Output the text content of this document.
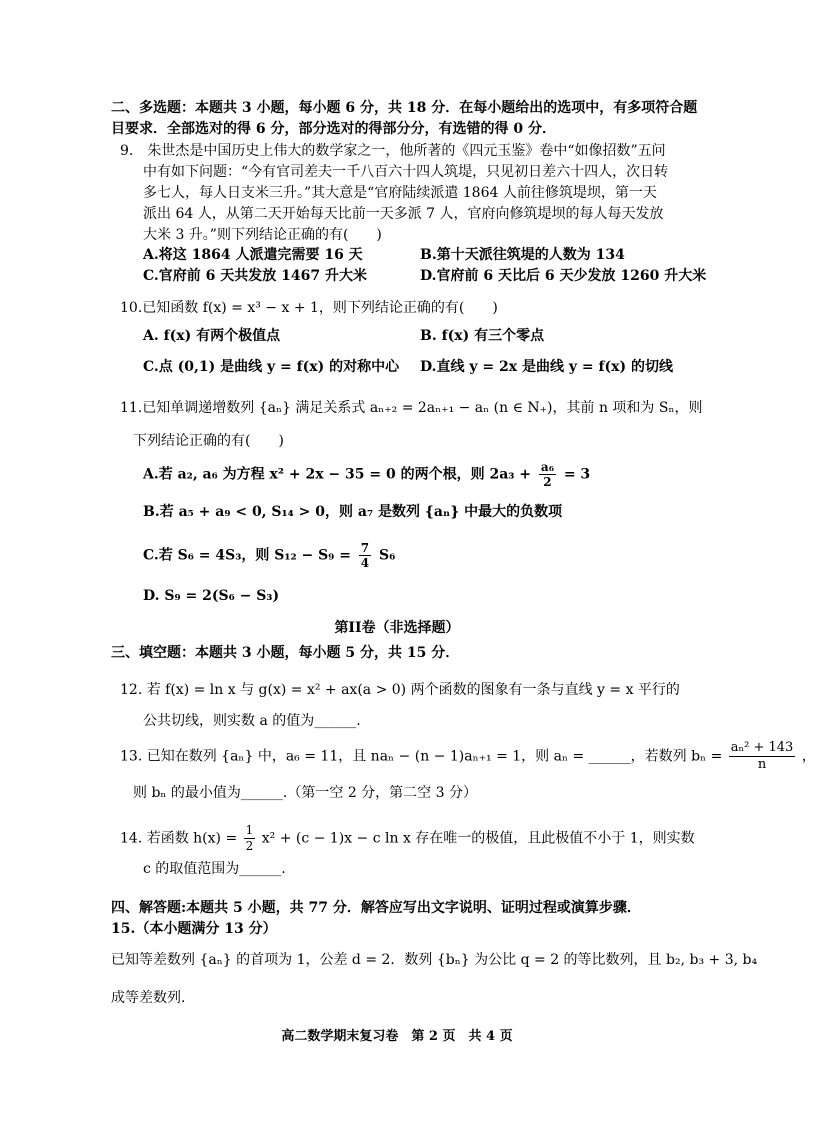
二、多选题：本题共 3 小题，每小题 6 分，共 18 分．在每小题给出的选项中，有多项符合题
目要求．全部选对的得 6 分，部分选对的得部分分，有选错的得 0 分．
9.　朱世杰是中国历史上伟大的数学家之一，他所著的《四元玉鉴》卷中“如像招数”五问
中有如下问题：“今有官司差夫一千八百六十四人筑堤，只见初日差六十四人，次日转
多七人，每人日支米三升。”其大意是“官府陆续派遣 1864 人前往修筑堤坝，第一天
派出 64 人，从第二天开始每天比前一天多派 7 人，官府向修筑堤坝的每人每天发放
大米 3 升。”则下列结论正确的有(　　)
A.将这 1864 人派遣完需要 16 天	B.第十天派往筑堤的人数为 134
C.官府前 6 天共发放 1467 升大米	D.官府前 6 天比后 6 天少发放 1260 升大米
10.已知函数 f(x) = x³ − x + 1，则下列结论正确的有(　　)
A. f(x) 有两个极值点	B. f(x) 有三个零点
C.点 (0,1) 是曲线 y = f(x) 的对称中心 D.直线 y = 2x 是曲线 y = f(x) 的切线
11.已知单调递增数列 {aₙ} 满足关系式 aₙ₊₂ = 2aₙ₊₁ − aₙ (n ∈ N₊)，其前 n 项和为 Sₙ，则
下列结论正确的有(　　)
A.若 a₂, a₆ 为方程 x² + 2x − 35 = 0 的两个根，则 $2a_3 + \frac{\text{a₆}}{2} = 3$
B.若 a₅ + a₉ < 0, S₁₄ > 0，则 a₇ 是数列 {aₙ} 中最大的负数项
C.若 S₆ = 4S₃，则 $S_{12} - S_9 = \frac{7}{4} S_6$
D. S₉ = 2(S₆ − S₃)
第II卷（非选择题）
三、填空题：本题共 3 小题，每小题 5 分，共 15 分．
12. 若 f(x) = ln x 与 g(x) = x² + ax(a > 0) 两个函数的图象有一条与直线 y = x 平行的
公共切线，则实数 a 的值为______.
13. 已知在数列 {aₙ} 中，a₆ = 11，且 naₙ − (n − 1)aₙ₊₁ = 1，则 aₙ = ______，若数列 $b_n = \frac{\text{aₙ² + 143}}{n}$ ，
则 bₙ 的最小值为______.（第一空 2 分，第二空 3 分）
14. 若函数 $h(x) = \frac{1}{2} x^2 + (c - 1)x - c$ ln x 存在唯一的极值，且此极值不小于 1，则实数
c 的取值范围为______.
四、解答题:本题共 5 小题，共 77 分．解答应写出文字说明、证明过程或演算步骤．
15.（本小题满分 13 分）
已知等差数列 {aₙ} 的首项为 1，公差 d = 2．数列 {bₙ} 为公比 q = 2 的等比数列，且 b₂, b₃ + 3, b₄
成等差数列.
高二数学期末复习卷　第 2 页　共 4 页
